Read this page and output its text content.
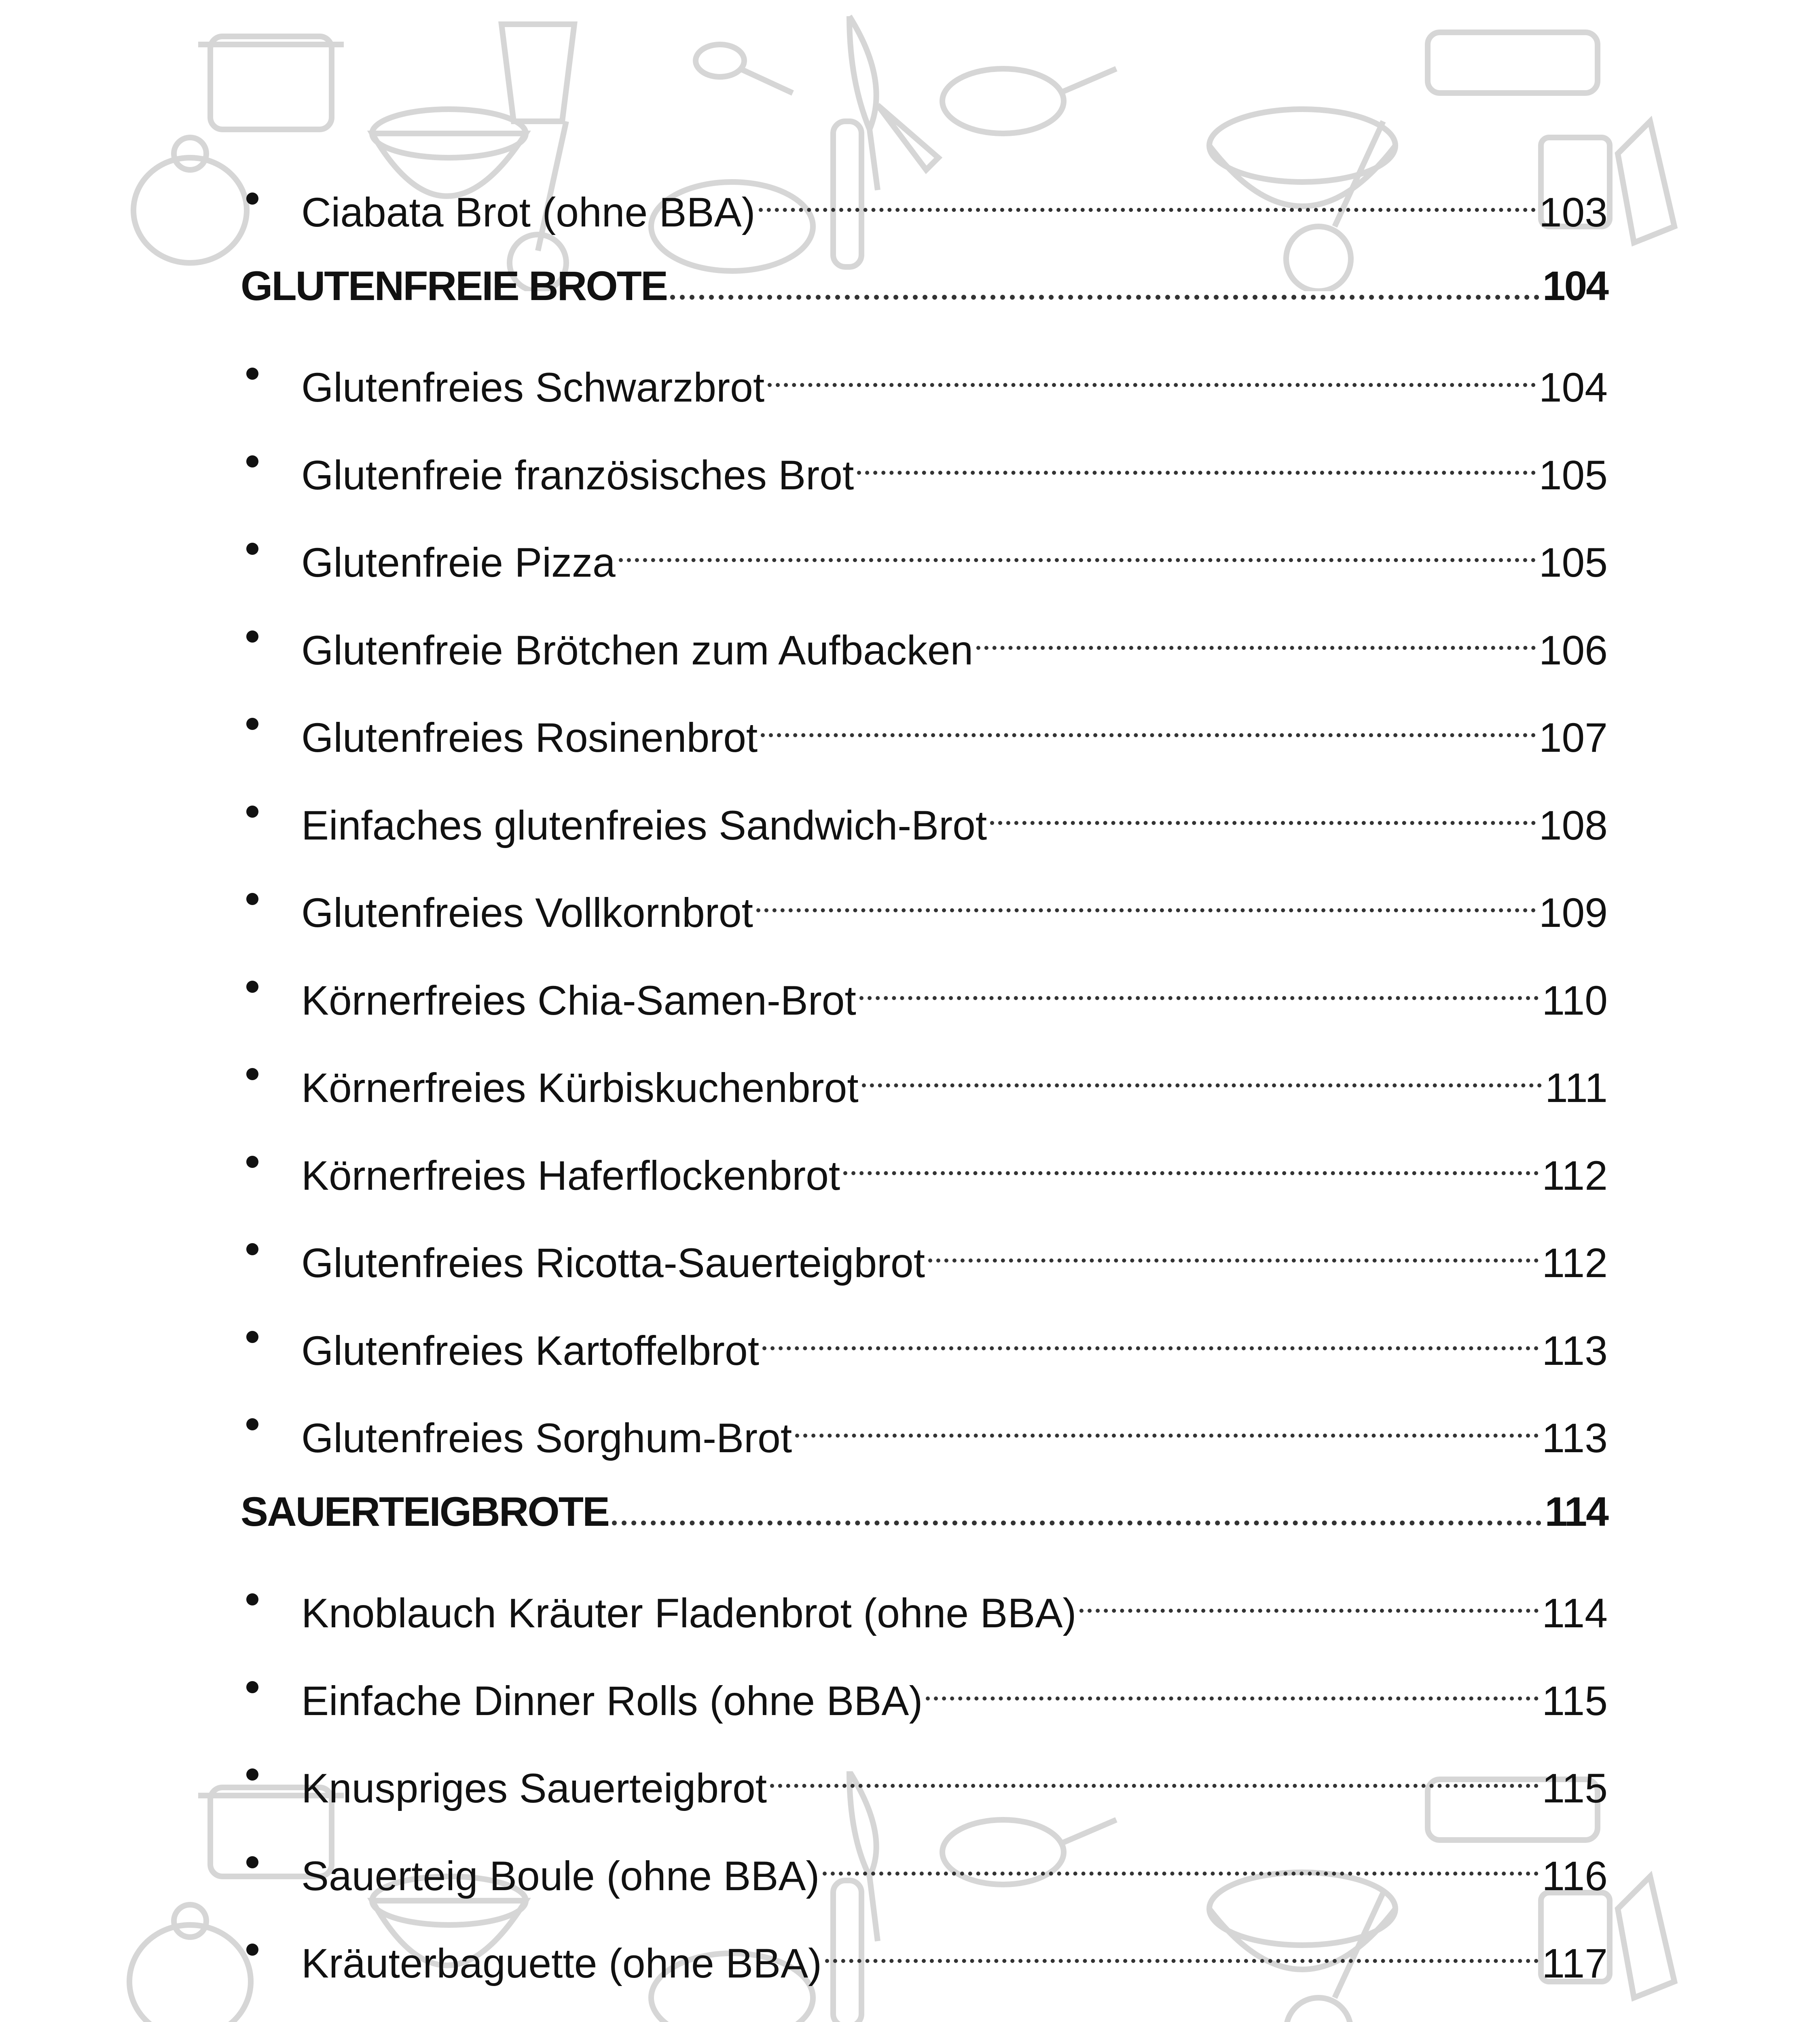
Ciabata Brot (ohne BBA)	103
GLUTENFREIE BROTE	104
Glutenfreies Schwarzbrot	104
Glutenfreie französisches Brot	105
Glutenfreie Pizza	105
Glutenfreie Brötchen zum Aufbacken	106
Glutenfreies Rosinenbrot	107
Einfaches glutenfreies Sandwich-Brot	108
Glutenfreies Vollkornbrot	109
Körnerfreies Chia-Samen-Brot	110
Körnerfreies Kürbiskuchenbrot	111
Körnerfreies Haferflockenbrot	112
Glutenfreies Ricotta-Sauerteigbrot	112
Glutenfreies Kartoffelbrot	113
Glutenfreies Sorghum-Brot	113
SAUERTEIGBROTE	114
Knoblauch Kräuter Fladenbrot (ohne BBA)	114
Einfache Dinner Rolls (ohne BBA)	115
Knuspriges Sauerteigbrot	115
Sauerteig Boule (ohne BBA)	116
Kräuterbaguette (ohne BBA)	117
